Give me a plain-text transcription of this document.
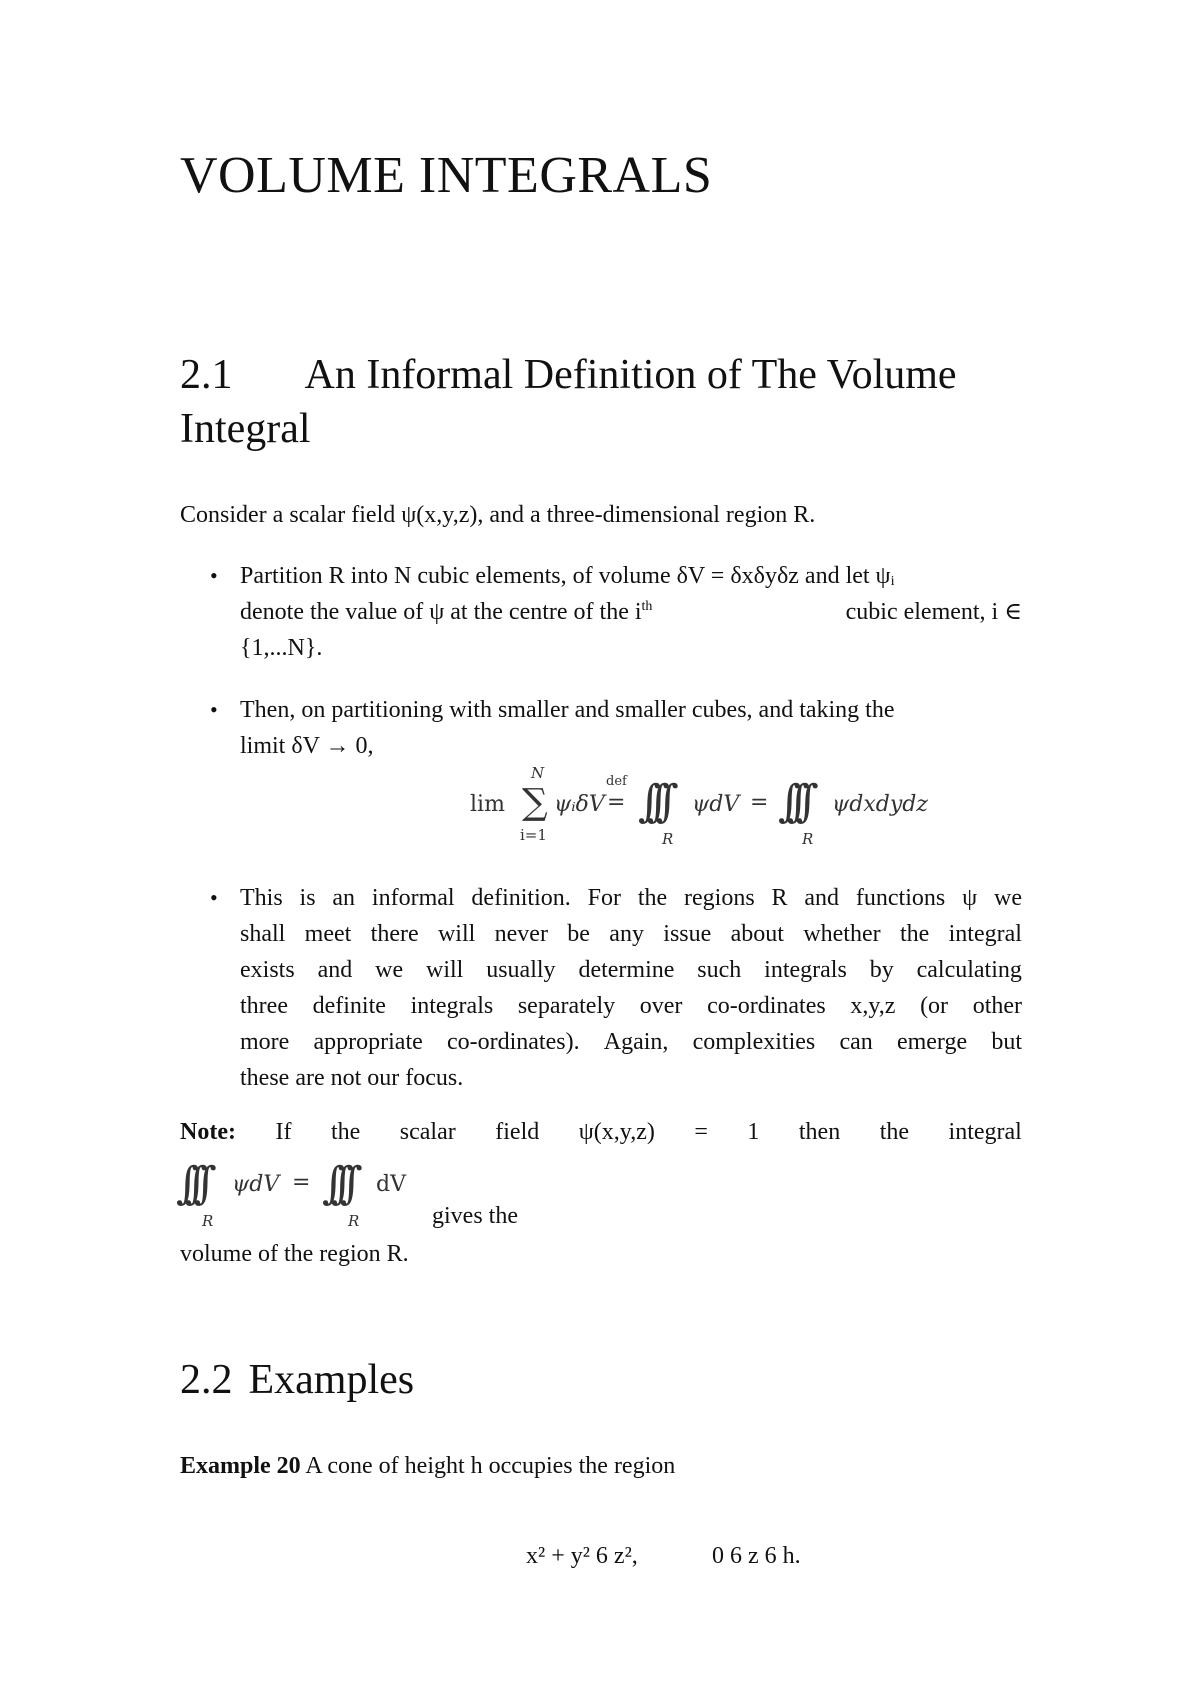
VOLUME INTEGRALS
2.1 An Informal Definition of The Volume
Integral
Consider a scalar field ψ(x,y,z), and a three-dimensional region R.
• Partition R into N cubic elements, of volume δV = δxδyδz and let ψᵢ
denote the value of ψ at the centre of the $i^{th}$	cubic element, i ∈
{1,...N}.
• Then, on partitioning with smaller and smaller cubes, and taking the
limit δV → 0,
lim ∑
N
i=1
ψᵢδV
def
= ∫∫∫
R
ψdV = ∫∫∫
R
ψdxdydz
• This is an informal definition. For the regions R and functions ψ we
shall meet there will never be any issue about whether the integral
exists and we will usually determine such integrals by calculating
three definite integrals separately over co-ordinates x,y,z (or other
more appropriate co-ordinates). Again, complexities can emerge but
these are not our focus.
Note: If the scalar field ψ(x,y,z) = 1 then the integral
∫∫∫
R
ψdV = ∫∫∫
R
dV
gives the
volume of the region R.
2.2 Examples
Example 20 A cone of height h occupies the region
x² + y² 6 z²,	0 6 z 6 h.
